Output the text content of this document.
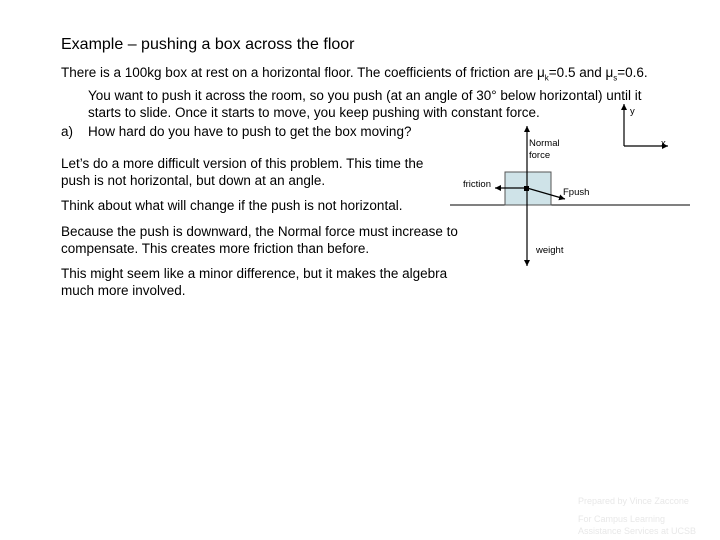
Example – pushing a box across the floor
There is a 100kg box at rest on a horizontal floor. The coefficients of friction are $\mu_k=0.5$ and $\mu_s=0.6$.
You want to push it across the room, so you push (at an angle of 30° below horizontal) until it
starts to slide. Once it starts to move, you keep pushing with constant force.
a) How hard do you have to push to get the box moving?
Let’s do a more difficult version of this problem. This time the push is not horizontal, but down at an angle.
Think about what will change if the push is not horizontal.
Because the push is downward, the Normal force must increase to compensate. This creates more friction than before.
This might seem like a minor difference, but it makes the algebra much more involved.
y
x
Normal
force
weight
friction
Fpush
Prepared by Vince Zaccone
For Campus Learning
Assistance Services at UCSB
